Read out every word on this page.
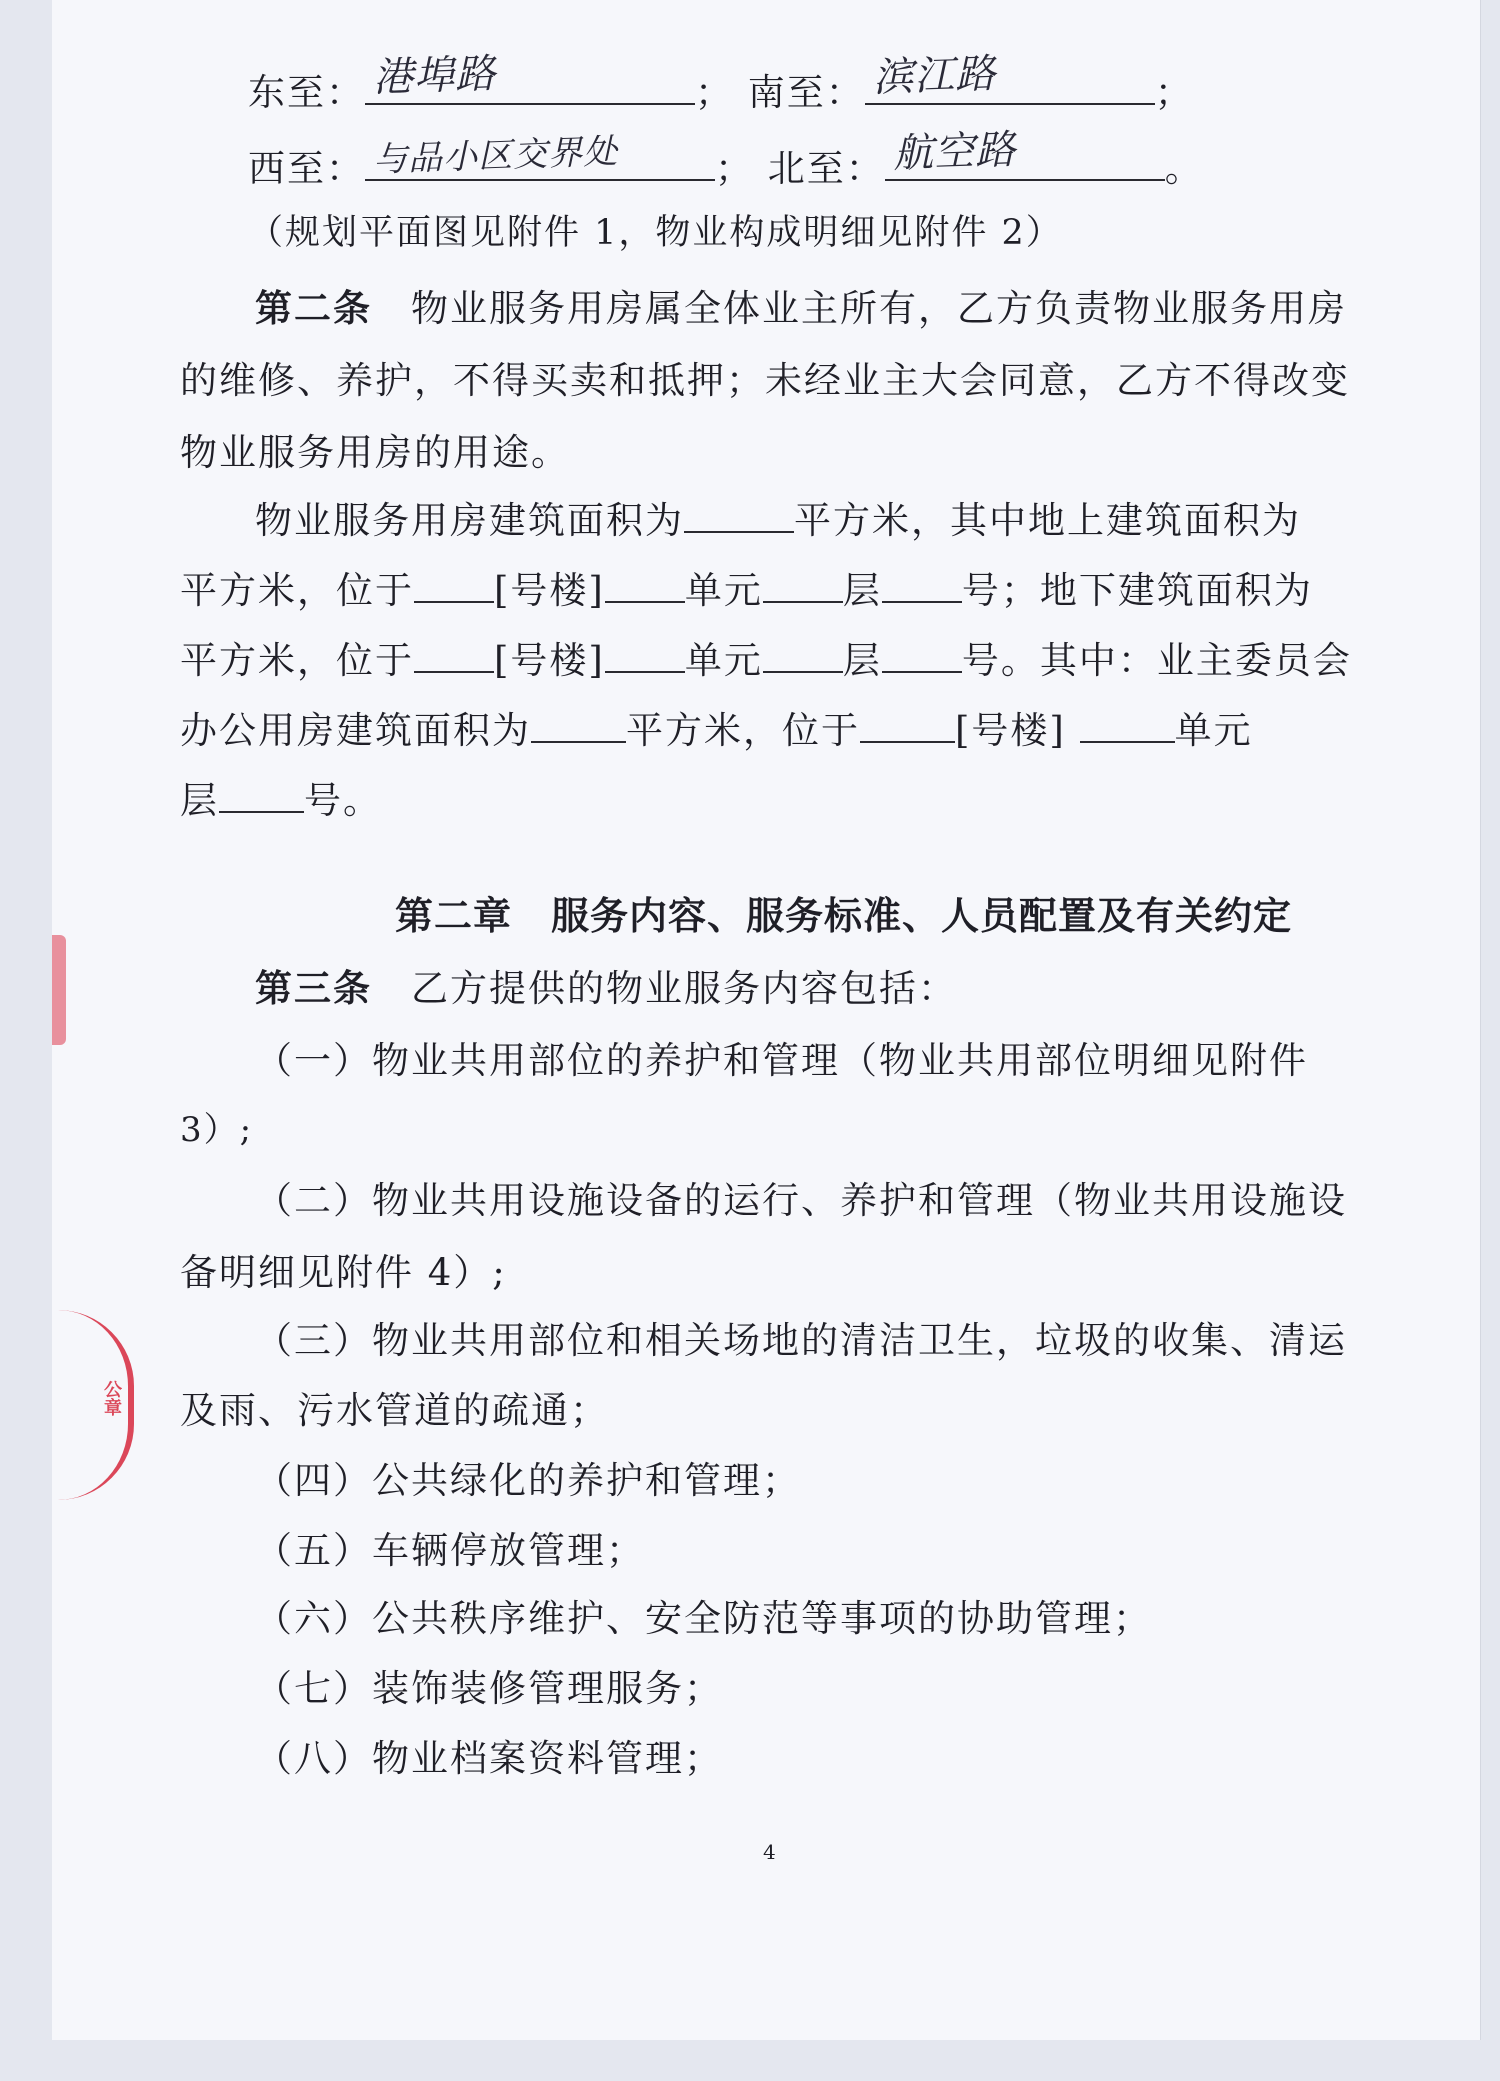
公章
东至： 港埠路	； 南至： 滨江路	；
西至： 与品小区交界处	； 北至： 航空路	。
（规划平面图见附件 1，物业构成明细见附件 2）
第二条　 物业服务用房属全体业主所有，乙方负责物业服务用房
的维修、养护，不得买卖和抵押；未经业主大会同意，乙方不得改变
物业服务用房的用途。
物业服务用房建筑面积为	平方米，其中地上建筑面积为
平方米，位于 [号楼] 单元 层 号；地下建筑面积为
平方米，位于 [号楼] 单元 层 号。其中：业主委员会
办公用房建筑面积为	平方米，位于	[号楼]	单元
层 号。
第二章　服务内容、服务标准、人员配置及有关约定
第三条　 乙方提供的物业服务内容包括：
（一）物业共用部位的养护和管理（物业共用部位明细见附件
3）;
（二）物业共用设施设备的运行、养护和管理（物业共用设施设
备明细见附件 4）;
（三）物业共用部位和相关场地的清洁卫生，垃圾的收集、清运
及雨、污水管道的疏通；
（四）公共绿化的养护和管理；
（五）车辆停放管理；
（六）公共秩序维护、安全防范等事项的协助管理；
（七）装饰装修管理服务；
（八）物业档案资料管理；
4
